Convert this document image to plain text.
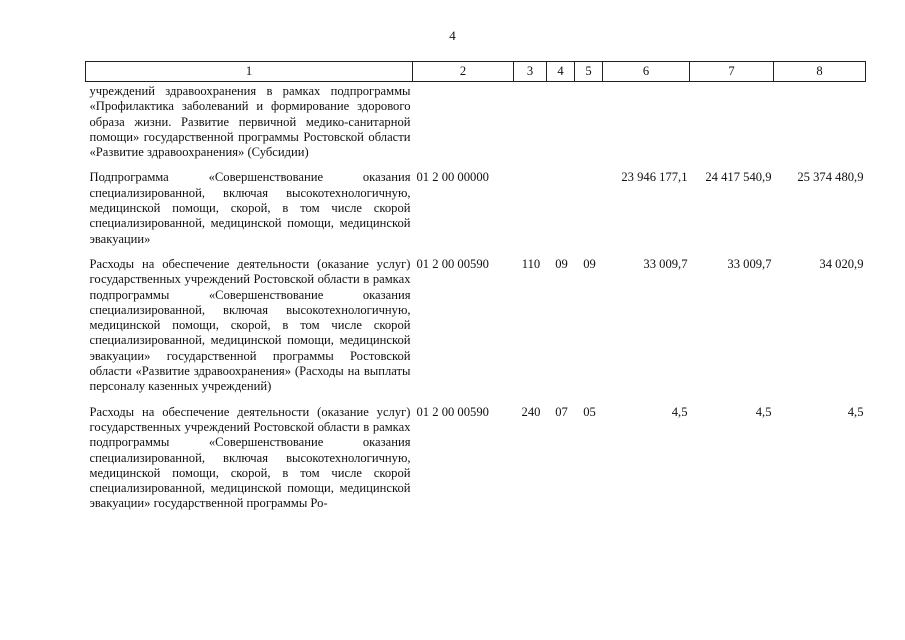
4
1	2	3	4	5	6	7	8
учреждений здравоохранения в рамках подпрограммы «Профилактика заболеваний и формирование здорового образа жизни. Развитие первичной медико-санитарной помощи» государственной программы Ростовской области «Развитие здравоохранения» (Субсидии)							
Подпрограмма «Совершенствование оказания специализированной, включая высокотехнологичную, медицинской помощи, скорой, в том числе скорой специализированной, медицинской помощи, медицинской эвакуации»	01 2 00 00000				23 946 177,1	24 417 540,9	25 374 480,9
Расходы на обеспечение деятельности (оказание услуг) государственных учреждений Ростовской области в рамках подпрограммы «Совершенствование оказания специализированной, включая высокотехнологичную, медицинской помощи, скорой, в том числе скорой специализированной, медицинской помощи, медицинской эвакуации» государственной программы Ростовской области «Развитие здравоохранения» (Расходы на выплаты персоналу казенных учреждений)	01 2 00 00590	110	09	09	33 009,7	33 009,7	34 020,9
Расходы на обеспечение деятельности (оказание услуг) государственных учреждений Ростовской области в рамках подпрограммы «Совершенствование оказания специализированной, включая высокотехнологичную, медицинской помощи, скорой, в том числе скорой специализированной, медицинской помощи, медицинской эвакуации» государственной программы Ро-	01 2 00 00590	240	07	05	4,5	4,5	4,5
